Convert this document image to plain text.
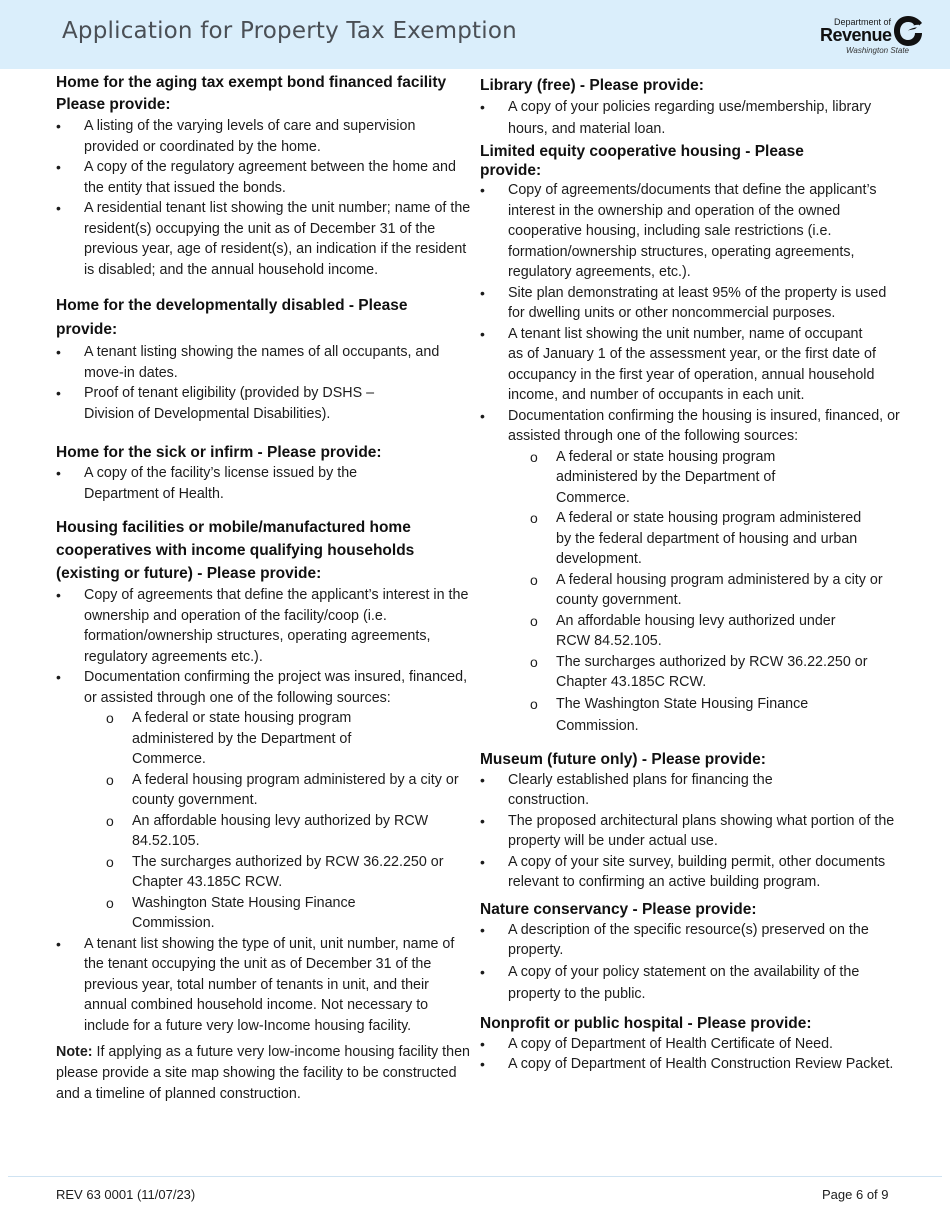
Application for Property Tax Exemption	Department of
Revenue
Washington State
Home for the aging tax exempt bond financed facility
Please provide:
• A listing of the varying levels of care and supervision provided or coordinated by the home.
• A copy of the regulatory agreement between the home and the entity that issued the bonds.
• A residential tenant list showing the unit number; name of the resident(s) occupying the unit as of December 31 of the previous year, age of resident(s), an indication if the resident is disabled; and the annual household income.
Home for the developmentally disabled - Please provide:
• A tenant listing showing the names of all occupants, and move-in dates.
• Proof of tenant eligibility (provided by DSHS – Division of Developmental Disabilities).
Home for the sick or infirm - Please provide:
• A copy of the facility’s license issued by the Department of Health.
Housing facilities or mobile/manufactured home cooperatives with income qualifying households (existing or future) - Please provide:
• Copy of agreements that define the applicant’s interest in the ownership and operation of the facility/coop (i.e. formation/ownership structures, operating agreements, regulatory agreements etc.).
• Documentation confirming the project was insured, financed, or assisted through one of the following sources:
o A federal or state housing program administered by the Department of Commerce.
o A federal housing program administered by a city or county government.
o An affordable housing levy authorized by RCW 84.52.105.
o The surcharges authorized by RCW 36.22.250 or Chapter 43.185C RCW.
o Washington State Housing Finance Commission.
• A tenant list showing the type of unit, unit number, name of the tenant occupying the unit as of December 31 of the previous year, total number of tenants in unit, and their annual combined household income. Not necessary to include for a future very low-Income housing facility.
Note: If applying as a future very low-income housing facility then please provide a site map showing the facility to be constructed and a timeline of planned construction.
Library (free) - Please provide:
• A copy of your policies regarding use/membership, library hours, and material loan.
Limited equity cooperative housing - Please provide:
• Copy of agreements/documents that define the applicant’s interest in the ownership and operation of the owned cooperative housing, including sale restrictions (i.e. formation/ownership structures, operating agreements, regulatory agreements, etc.).
• Site plan demonstrating at least 95% of the property is used for dwelling units or other noncommercial purposes.
• A tenant list showing the unit number, name of occupant as of January 1 of the assessment year, or the first date of occupancy in the first year of operation, annual household income, and number of occupants in each unit.
• Documentation confirming the housing is insured, financed, or assisted through one of the following sources:
o A federal or state housing program administered by the Department of Commerce.
o A federal or state housing program administered by the federal department of housing and urban development.
o A federal housing program administered by a city or county government.
o An affordable housing levy authorized under RCW 84.52.105.
o The surcharges authorized by RCW 36.22.250 or Chapter 43.185C RCW.
o The Washington State Housing Finance Commission.
Museum (future only) - Please provide:
• Clearly established plans for financing the construction.
• The proposed architectural plans showing what portion of the property will be under actual use.
• A copy of your site survey, building permit, other documents relevant to confirming an active building program.
Nature conservancy - Please provide:
• A description of the specific resource(s) preserved on the property.
• A copy of your policy statement on the availability of the property to the public.
Nonprofit or public hospital - Please provide:
• A copy of Department of Health Certificate of Need.
• A copy of Department of Health Construction Review Packet.
REV 63 0001 (11/07/23)	Page 6 of 9
